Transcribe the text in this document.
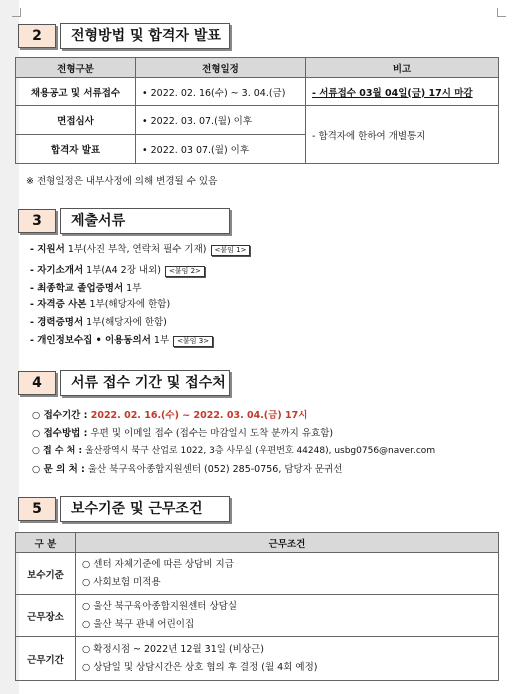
2	전형방법 및 합격자 발표
전형구분	전형일정	비고
채용공고 및 서류접수	• 2022. 02. 16(수) ~ 3. 04.(금)	- 서류접수 03월 04일(금) 17시 마감
면접심사	• 2022. 03. 07.(월) 이후	- 합격자에 한하여 개별통지
합격자 발표	• 2022. 03 07.(월) 이후	
※ 전형일정은 내부사정에 의해 변경될 수 있음
3	제출서류
- 지원서 1부(사진 부착, 연락처 필수 기재) <붙임 1>
- 자기소개서 1부(A4 2장 내외) <붙임 2>
- 최종학교 졸업증명서 1부
- 자격증 사본 1부(해당자에 한함)
- 경력증명서 1부(해당자에 한함)
- 개인정보수집 • 이용동의서 1부 <붙임 3>
4	서류 접수 기간 및 접수처
○ 접수기간 : 2022. 02. 16.(수) ~ 2022. 03. 04.(금) 17시
○ 접수방법 : 우편 및 이메일 접수 (접수는 마감일시 도착 분까지 유효함)
○ 접 수 처 : 울산광역시 북구 산업로 1022, 3층 사무실 (우편번호 44248), usbg0756@naver.com
○ 문 의 처 : 울산 북구육아종합지원센터 (052) 285-0756, 담당자 문귀선
5	보수기준 및 근무조건
구 분	근무조건
보수기준	○ 센터 자체기준에 따른 상담비 지급
○ 사회보험 미적용

근무장소	○ 울산 북구육아종합지원센터 상담실
○ 울산 북구 관내 어린이집

근무기간	○ 확정시점 ~ 2022년 12월 31일 (비상근)
○ 상담일 및 상담시간은 상호 협의 후 결정 (월 4회 예정)
